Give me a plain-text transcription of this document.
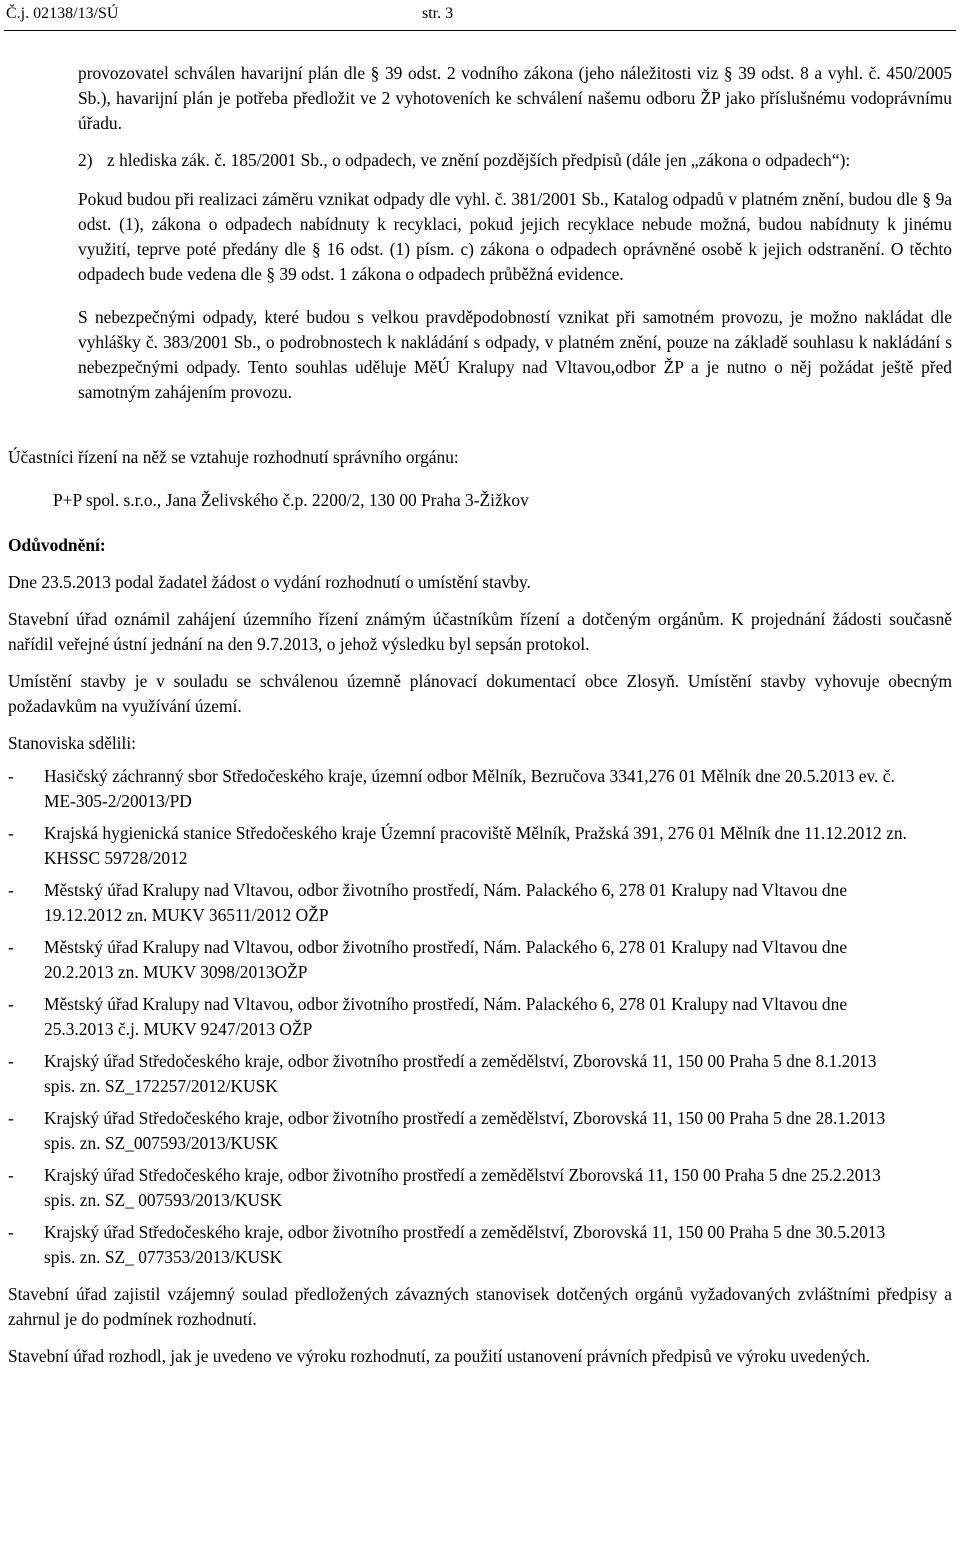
Č.j. 02138/13/SÚ	str. 3

provozovatel schválen havarijní plán dle § 39 odst. 2 vodního zákona (jeho náležitosti viz § 39 odst. 8 a vyhl. č. 450/2005 Sb.), havarijní plán je potřeba předložit ve 2 vyhotoveních ke schválení našemu odboru ŽP jako příslušnému vodoprávnímu úřadu.

2) z hlediska zák. č. 185/2001 Sb., o odpadech, ve znění pozdějších předpisů (dále jen „zákona o odpadech“):

Pokud budou při realizaci záměru vznikat odpady dle vyhl. č. 381/2001 Sb., Katalog odpadů v platném znění, budou dle § 9a odst. (1), zákona o odpadech nabídnuty k recyklaci, pokud jejich recyklace nebude možná, budou nabídnuty k jinému využití, teprve poté předány dle § 16 odst. (1) písm. c) zákona o odpadech oprávněné osobě k jejich odstranění. O těchto odpadech bude vedena dle § 39 odst. 1 zákona o odpadech průběžná evidence.

S nebezpečnými odpady, které budou s velkou pravděpodobností vznikat při samotném provozu, je možno nakládat dle vyhlášky č. 383/2001 Sb., o podrobnostech k nakládání s odpady, v platném znění, pouze na základě souhlasu k nakládání s nebezpečnými odpady. Tento souhlas uděluje MěÚ Kralupy nad Vltavou,odbor ŽP a je nutno o něj požádat ještě před samotným zahájením provozu.

Účastníci řízení na něž se vztahuje rozhodnutí správního orgánu:

P+P spol. s.r.o., Jana Želivského č.p. 2200/2, 130 00 Praha 3-Žižkov

Odůvodnění:

Dne 23.5.2013 podal žadatel žádost o vydání rozhodnutí o umístění stavby.

Stavební úřad oznámil zahájení územního řízení známým účastníkům řízení a dotčeným orgánům. K projednání žádosti současně nařídil veřejné ústní jednání na den 9.7.2013, o jehož výsledku byl sepsán protokol.

Umístění stavby je v souladu se schválenou územně plánovací dokumentací obce Zlosyň. Umístění stavby vyhovuje obecným požadavkům na využívání území.

Stanoviska sdělili:

-	Hasičský záchranný sbor Středočeského kraje, územní odbor Mělník, Bezručova 3341,276 01 Mělník dne 20.5.2013 ev. č. ME-305-2/20013/PD
-	Krajská hygienická stanice Středočeského kraje Územní pracoviště Mělník, Pražská 391, 276 01 Mělník dne 11.12.2012 zn. KHSSC 59728/2012
-	Městský úřad Kralupy nad Vltavou, odbor životního prostředí, Nám. Palackého 6, 278 01 Kralupy nad Vltavou dne 19.12.2012 zn. MUKV 36511/2012 OŽP
-	Městský úřad Kralupy nad Vltavou, odbor životního prostředí, Nám. Palackého 6, 278 01 Kralupy nad Vltavou dne 20.2.2013 zn. MUKV 3098/2013OŽP
-	Městský úřad Kralupy nad Vltavou, odbor životního prostředí, Nám. Palackého 6, 278 01 Kralupy nad Vltavou dne 25.3.2013 č.j. MUKV 9247/2013 OŽP
-	Krajský úřad Středočeského kraje, odbor životního prostředí a zemědělství, Zborovská 11, 150 00 Praha 5 dne 8.1.2013 spis. zn. SZ_172257/2012/KUSK
-	Krajský úřad Středočeského kraje, odbor životního prostředí a zemědělství, Zborovská 11, 150 00 Praha 5 dne 28.1.2013 spis. zn. SZ_007593/2013/KUSK
-	Krajský úřad Středočeského kraje, odbor životního prostředí a zemědělství Zborovská 11, 150 00 Praha 5 dne 25.2.2013 spis. zn. SZ_ 007593/2013/KUSK
-	Krajský úřad Středočeského kraje, odbor životního prostředí a zemědělství, Zborovská 11, 150 00 Praha 5 dne 30.5.2013 spis. zn. SZ_ 077353/2013/KUSK

Stavební úřad zajistil vzájemný soulad předložených závazných stanovisek dotčených orgánů vyžadovaných zvláštními předpisy a zahrnul je do podmínek rozhodnutí.

Stavební úřad rozhodl, jak je uvedeno ve výroku rozhodnutí, za použití ustanovení právních předpisů ve výroku uvedených.
